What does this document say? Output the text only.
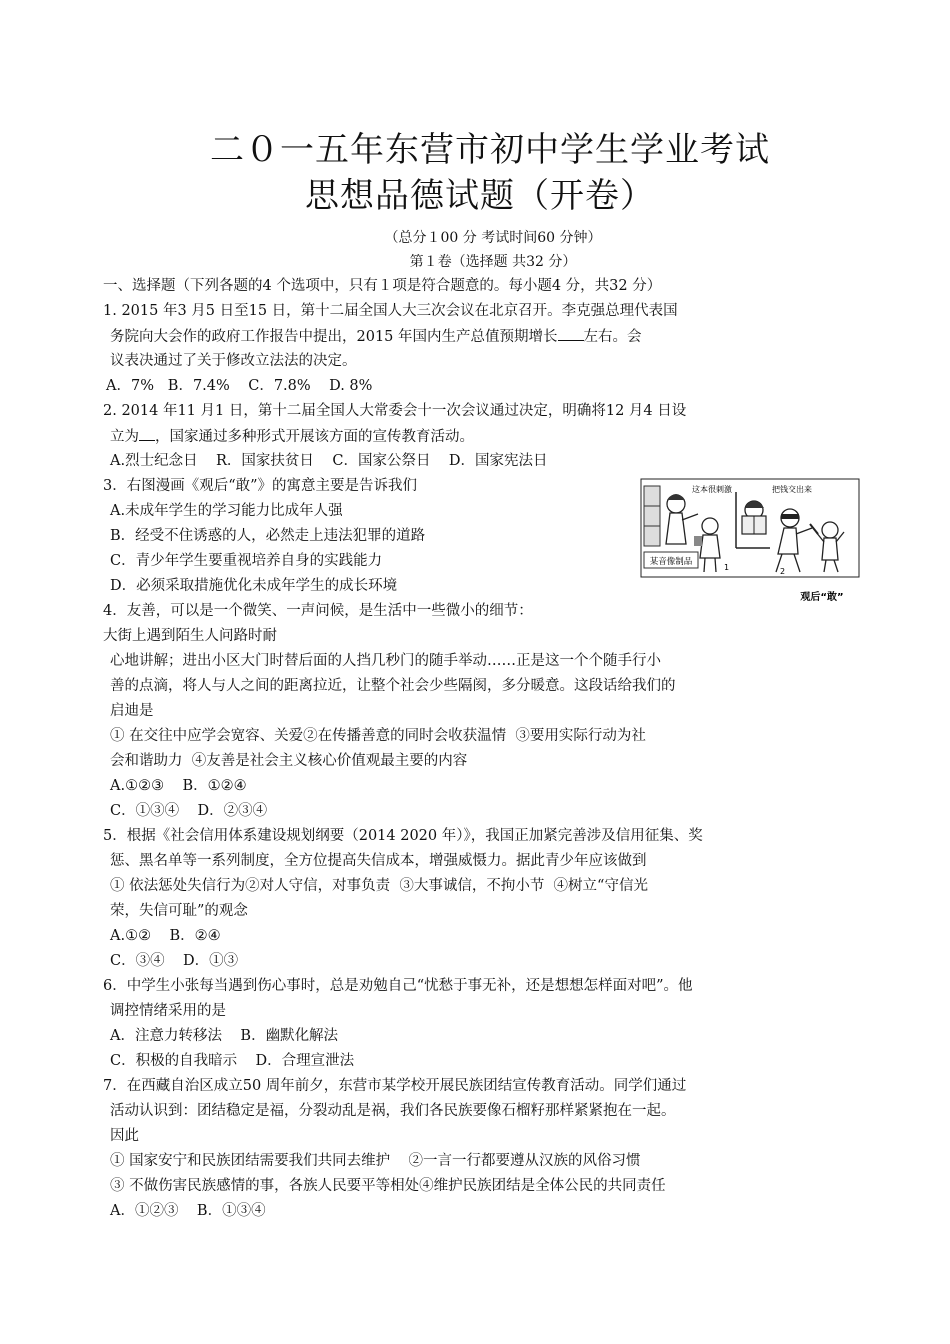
二０一五年东营市初中学生学业考试
思想品德试题（开卷）
（总分１00 分 考试时间60 分钟）
第１卷（选择题 共32 分）
一、选择题（下列各题的4 个选项中，只有１项是符合题意的。每小题4 分，共32 分）
1. 2015 年3 月5 日至15 日，第十二届全国人大三次会议在北京召开。李克强总理代表国
务院向大会作的政府工作报告中提出，2015 年国内生产总值预期增长 左右。会
议表决通过了关于修改立法法的决定。
A．7%   B．7.4%    C．7.8%    D. 8%
2. 2014 年11 月1 日，第十二届全国人大常委会十一次会议通过决定，明确将12 月4 日设
立为 ，国家通过多种形式开展该方面的宣传教育活动。
A.烈士纪念日    R．国家扶贫日    C．国家公祭日    D．国家宪法日
3．右图漫画《观后“敢”》的寓意主要是告诉我们
A.未成年学生的学习能力比成年人强
B．经受不住诱惑的人，必然走上违法犯罪的道路
C．青少年学生要重视培养自身的实践能力
D．必须采取措施优化未成年学生的成长环境
某音像制品
1
这本很刺激	把钱交出来
2
观后“敢”
4．友善，可以是一个微笑、一声问候，是生活中一些微小的细节：
大街上遇到陌生人问路时耐
心地讲解；进出小区大门时替后面的人挡几秒门的随手举动……正是这一个个随手行小
善的点滴，将人与人之间的距离拉近，让整个社会少些隔阂，多分暖意。这段话给我们的
启迪是
① 在交往中应学会宽容、关爱②在传播善意的同时会收获温情  ③要用实际行动为社
会和谐助力  ④友善是社会主义核心价值观最主要的内容
A.①②③    B．①②④
C．①③④    D．②③④
5．根据《社会信用体系建设规划纲要（2014 2020 年）》，我国正加紧完善涉及信用征集、奖
惩、黑名单等一系列制度，全方位提高失信成本，增强威慑力。据此青少年应该做到
① 依法惩处失信行为②对人守信，对事负责  ③大事诚信，不拘小节  ④树立“守信光
荣，失信可耻”的观念
A.①②    B．②④
C．③④    D．①③
6．中学生小张每当遇到伤心事时，总是劝勉自己“忧愁于事无补，还是想想怎样面对吧”。他
调控情绪采用的是
A．注意力转移法    B．幽默化解法
C．积极的自我暗示    D．合理宣泄法
7．在西藏自治区成立50 周年前夕，东营市某学校开展民族团结宣传教育活动。同学们通过
活动认识到：团结稳定是福，分裂动乱是祸，我们各民族要像石榴籽那样紧紧抱在一起。
因此
① 国家安宁和民族团结需要我们共同去维护    ②一言一行都要遵从汉族的风俗习惯
③ 不做伤害民族感情的事，各族人民要平等相处④维护民族团结是全体公民的共同责任
A．①②③    B．①③④
